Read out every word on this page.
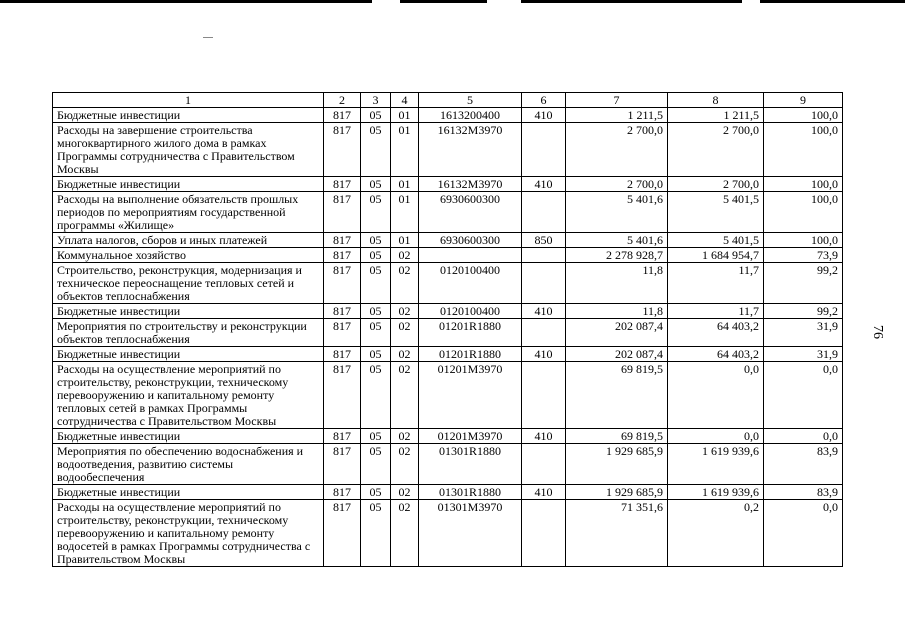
1	2	3	4	5	6	7	8	9
Бюджетные инвестиции	817	05	01	1613200400	410	1 211,5	1 211,5	100,0
Расходы на завершение строительства многоквартирного жилого дома в рамках Программы сотрудничества с Правительством Москвы	817	05	01	16132М3970		2 700,0	2 700,0	100,0
Бюджетные инвестиции	817	05	01	16132М3970	410	2 700,0	2 700,0	100,0
Расходы на выполнение обязательств прошлых периодов по мероприятиям государственной программы «Жилище»	817	05	01	6930600300		5 401,6	5 401,5	100,0
Уплата налогов, сборов и иных платежей	817	05	01	6930600300	850	5 401,6	5 401,5	100,0
Коммунальное хозяйство	817	05	02			2 278 928,7	1 684 954,7	73,9
Строительство, реконструкция, модернизация и техническое переоснащение тепловых сетей и объектов теплоснабжения	817	05	02	0120100400		11,8	11,7	99,2
Бюджетные инвестиции	817	05	02	0120100400	410	11,8	11,7	99,2
Мероприятия по строительству и реконструкции объектов теплоснабжения	817	05	02	01201R1880		202 087,4	64 403,2	31,9
Бюджетные инвестиции	817	05	02	01201R1880	410	202 087,4	64 403,2	31,9
Расходы на осуществление мероприятий по строительству, реконструкции, техническому перевооружению и капитальному ремонту тепловых сетей в рамках Программы сотрудничества с Правительством Москвы	817	05	02	01201М3970		69 819,5	0,0	0,0
Бюджетные инвестиции	817	05	02	01201М3970	410	69 819,5	0,0	0,0
Мероприятия по обеспечению водоснабжения и водоотведения, развитию системы водообеспечения	817	05	02	01301R1880		1 929 685,9	1 619 939,6	83,9
Бюджетные инвестиции	817	05	02	01301R1880	410	1 929 685,9	1 619 939,6	83,9
Расходы на осуществление мероприятий по строительству, реконструкции, техническому перевооружению и капитальному ремонту водосетей в рамках Программы сотрудничества с Правительством Москвы	817	05	02	01301М3970		71 351,6	0,2	0,0
76
